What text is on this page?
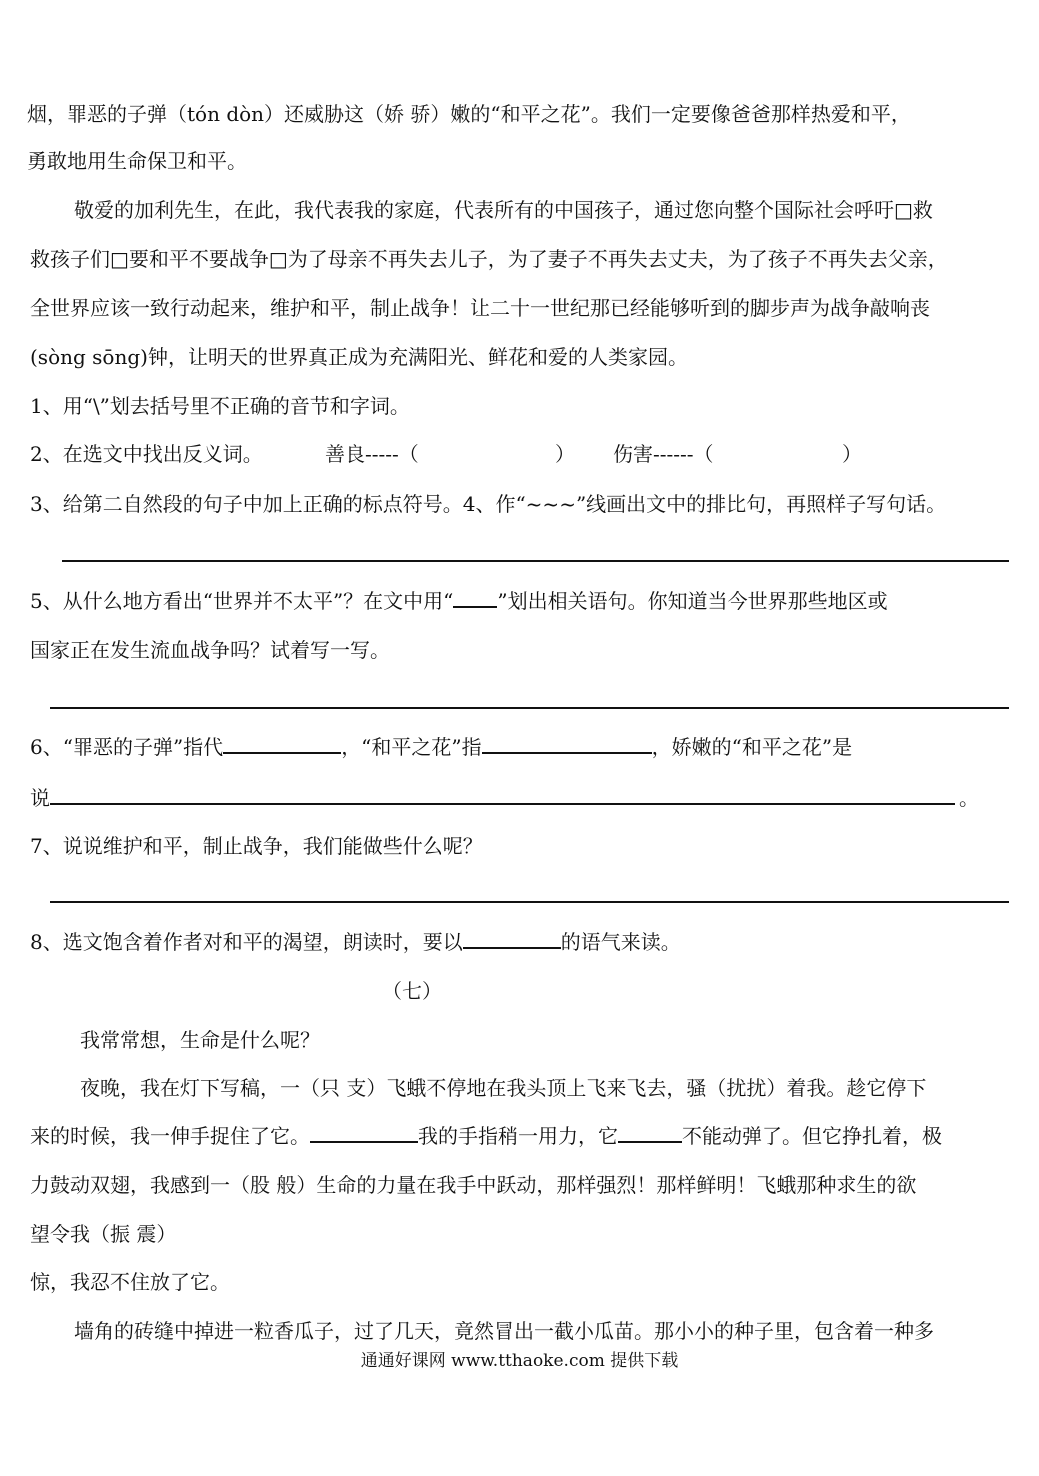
烟，罪恶的子弹（tón dòn）还威胁这（娇 骄）嫩的“和平之花”。我们一定要像爸爸那样热爱和平，
勇敢地用生命保卫和平。
敬爱的加利先生，在此，我代表我的家庭，代表所有的中国孩子，通过您向整个国际社会呼吁□救
救孩子们□要和平不要战争□为了母亲不再失去儿子，为了妻子不再失去丈夫，为了孩子不再失去父亲，
全世界应该一致行动起来，维护和平，制止战争！让二十一世纪那已经能够听到的脚步声为战争敲响丧
(sòng sōng)钟，让明天的世界真正成为充满阳光、鲜花和爱的人类家园。
1、用“\”划去括号里不正确的音节和字词。
2、在选文中找出反义词。	善良-----（	） 伤害------（	）
3、给第二自然段的句子中加上正确的标点符号。4、作“~~~”线画出文中的排比句，再照样子写句话。
5、从什么地方看出“世界并不太平”？在文中用“ ”划出相关语句。你知道当今世界那些地区或
国家正在发生流血战争吗？试着写一写。
6、“罪恶的子弹”指代	，“和平之花”指	，娇嫩的“和平之花”是
说	。
7、说说维护和平，制止战争，我们能做些什么呢？
8、选文饱含着作者对和平的渴望，朗读时，要以	的语气来读。
（七）
我常常想，生命是什么呢？
夜晚，我在灯下写稿，一（只 支）飞蛾不停地在我头顶上飞来飞去，骚（扰扰）着我。趁它停下
来的时候，我一伸手捉住了它。	我的手指稍一用力，它	不能动弹了。但它挣扎着，极
力鼓动双翅，我感到一（股 般）生命的力量在我手中跃动，那样强烈！那样鲜明！飞蛾那种求生的欲
望令我（振 震）
惊，我忍不住放了它。
墙角的砖缝中掉进一粒香瓜子，过了几天，竟然冒出一截小瓜苗。那小小的种子里，包含着一种多
通通好课网 www.tthaoke.com 提供下载
